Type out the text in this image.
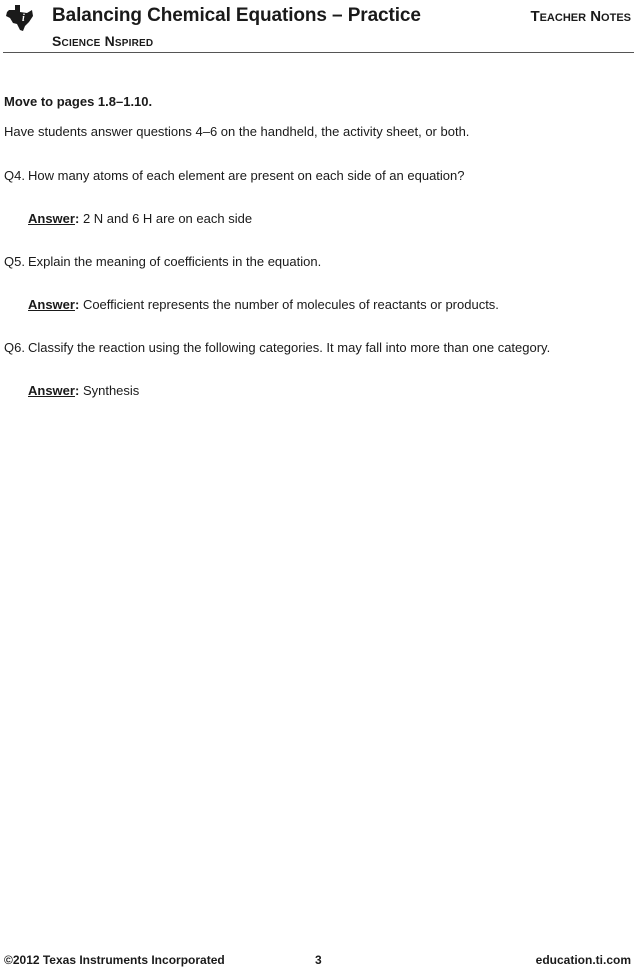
i Balancing Chemical Equations – Practice
Science Nspired
Teacher Notes
Move to pages 1.8–1.10.
Have students answer questions 4–6 on the handheld, the activity sheet, or both.
Q4. How many atoms of each element are present on each side of an equation?
Answer: 2 N and 6 H are on each side
Q5. Explain the meaning of coefficients in the equation.
Answer: Coefficient represents the number of molecules of reactants or products.
Q6. Classify the reaction using the following categories. It may fall into more than one category.
Answer: Synthesis
©2012 Texas Instruments Incorporated	3	education.ti.com
